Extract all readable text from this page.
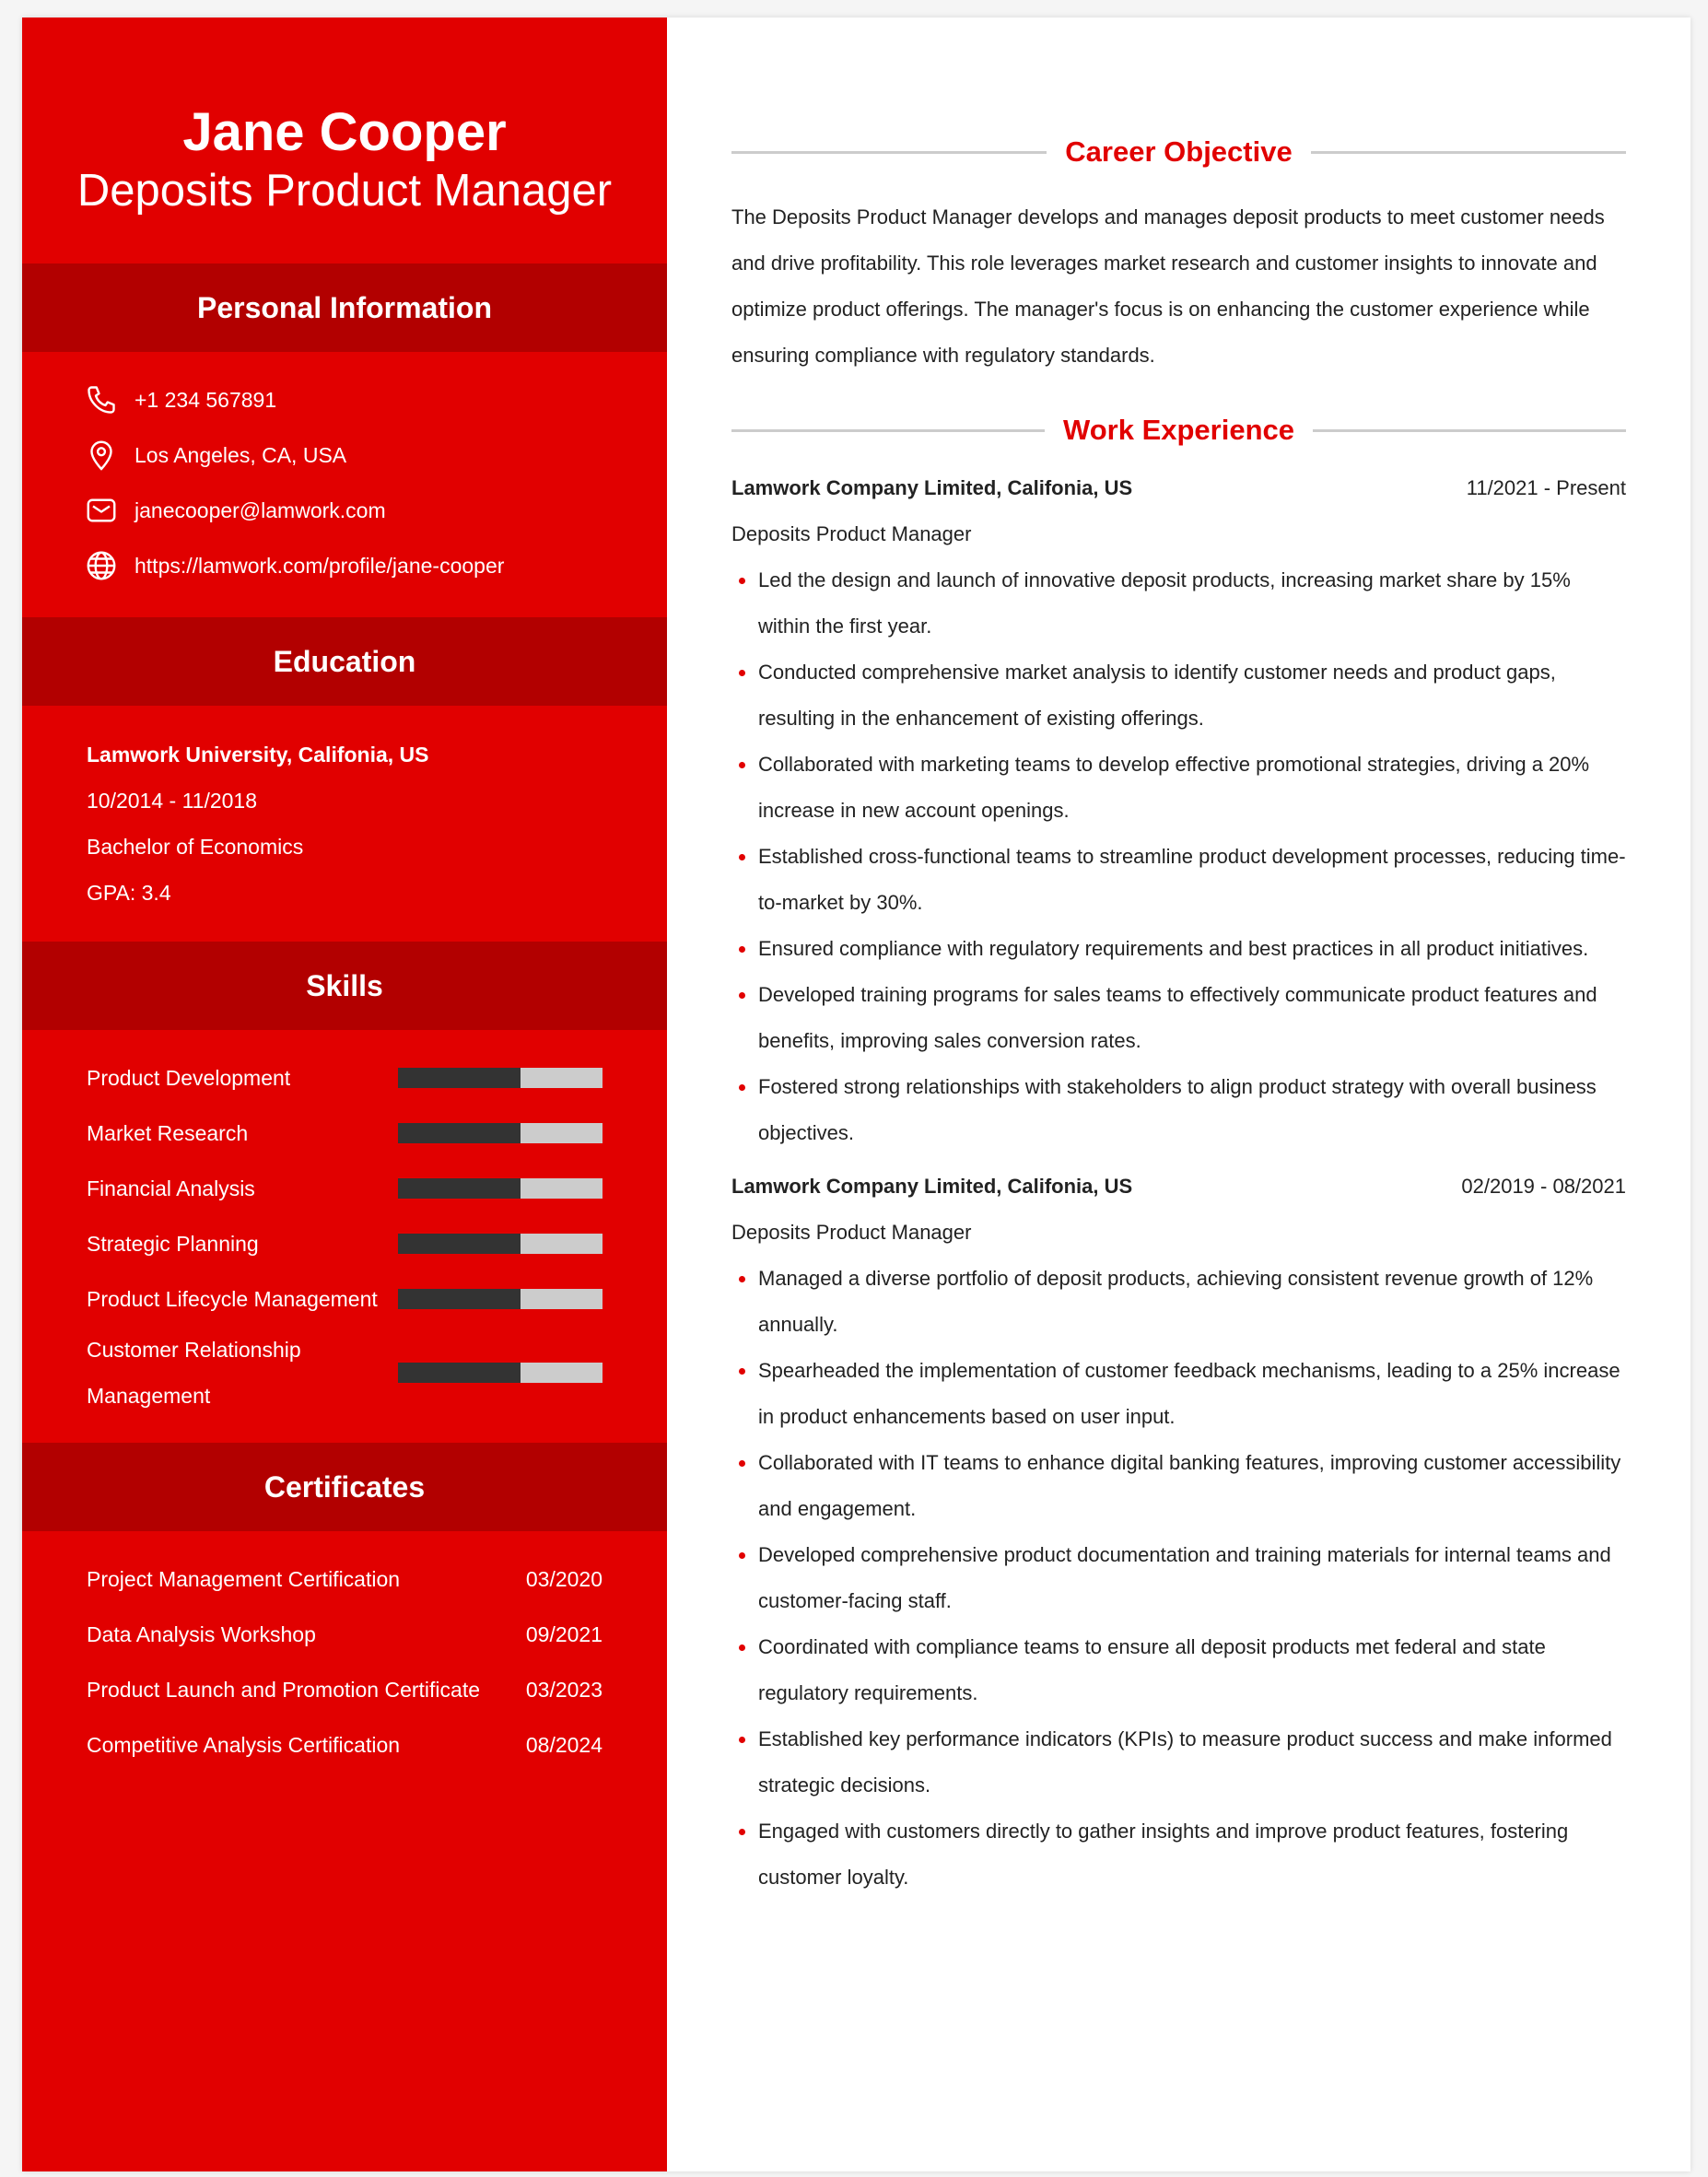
Jane Cooper
Deposits Product Manager
Personal Information
+1 234 567891
Los Angeles, CA, USA
janecooper@lamwork.com
https://lamwork.com/profile/jane-cooper
Education
Lamwork University, Califonia, US
10/2014 - 11/2018
Bachelor of Economics
GPA: 3.4
Skills
Product Development
Market Research
Financial Analysis
Strategic Planning
Product Lifecycle Management
Customer Relationship Management
Certificates
Project Management Certification	03/2020
Data Analysis Workshop	09/2021
Product Launch and Promotion Certificate 03/2023
Competitive Analysis Certification	08/2024
Career Objective
The Deposits Product Manager develops and manages deposit products to meet customer needs and drive profitability. This role leverages market research and customer insights to innovate and optimize product offerings. The manager's focus is on enhancing the customer experience while ensuring compliance with regulatory standards.
Work Experience
Lamwork Company Limited, Califonia, US	11/2021 - Present
Deposits Product Manager
Led the design and launch of innovative deposit products, increasing market share by 15% within the first year.
Conducted comprehensive market analysis to identify customer needs and product gaps, resulting in the enhancement of existing offerings.
Collaborated with marketing teams to develop effective promotional strategies, driving a 20% increase in new account openings.
Established cross-functional teams to streamline product development processes, reducing time-to-market by 30%.
Ensured compliance with regulatory requirements and best practices in all product initiatives.
Developed training programs for sales teams to effectively communicate product features and benefits, improving sales conversion rates.
Fostered strong relationships with stakeholders to align product strategy with overall business objectives.
Lamwork Company Limited, Califonia, US	02/2019 - 08/2021
Deposits Product Manager
Managed a diverse portfolio of deposit products, achieving consistent revenue growth of 12% annually.
Spearheaded the implementation of customer feedback mechanisms, leading to a 25% increase in product enhancements based on user input.
Collaborated with IT teams to enhance digital banking features, improving customer accessibility and engagement.
Developed comprehensive product documentation and training materials for internal teams and customer-facing staff.
Coordinated with compliance teams to ensure all deposit products met federal and state regulatory requirements.
Established key performance indicators (KPIs) to measure product success and make informed strategic decisions.
Engaged with customers directly to gather insights and improve product features, fostering customer loyalty.
